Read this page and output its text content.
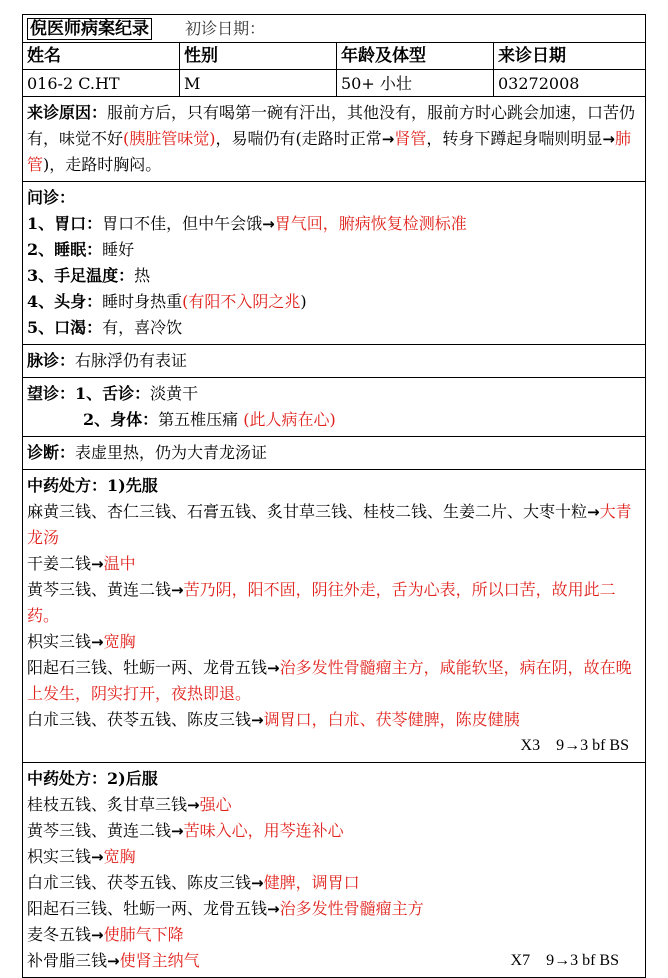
倪医师病案纪录 初诊日期：
姓名	性别	年龄及体型	来诊日期
016-2 C.HT	M	50+ 小壮	03272008
来诊原因：服前方后，只有喝第一碗有汗出，其他没有，服前方时心跳会加速，口苦仍有，味觉不好(胰脏管味觉)，易喘仍有(走路时正常→肾管，转身下蹲起身喘则明显→肺管)，走路时胸闷。
问诊：
1、胃口：胃口不佳，但中午会饿→胃气回，腑病恢复检测标准
2、睡眠：睡好
3、手足温度：热
4、头身：睡时身热重(有阳不入阴之兆)
5、口渴：有，喜冷饮
脉诊：右脉浮仍有表证
望诊：1、舌诊：淡黄干
2、身体：第五椎压痛 (此人病在心)
诊断：表虚里热，仍为大青龙汤证
中药处方：1)先服
麻黄三钱、杏仁三钱、石膏五钱、炙甘草三钱、桂枝二钱、生姜二片、大枣十粒→大青龙汤
干姜二钱→温中
黄芩三钱、黄连二钱→苦乃阴，阳不固，阴往外走，舌为心表，所以口苦，故用此二药。
枳实三钱→宽胸
阳起石三钱、牡蛎一两、龙骨五钱→治多发性骨髓瘤主方，咸能软坚，病在阴，故在晚上发生，阴实打开，夜热即退。
白朮三钱、茯苓五钱、陈皮三钱→调胃口，白朮、茯苓健脾，陈皮健胰
X3　9→3 bf BS
中药处方：2)后服
桂枝五钱、炙甘草三钱→强心
黄芩三钱、黄连二钱→苦味入心，用芩连补心
枳实三钱→宽胸
白朮三钱、茯苓五钱、陈皮三钱→健脾，调胃口
阳起石三钱、牡蛎一两、龙骨五钱→治多发性骨髓瘤主方
麦冬五钱→使肺气下降
补骨脂三钱→使肾主纳气	X7　9→3 bf BS
